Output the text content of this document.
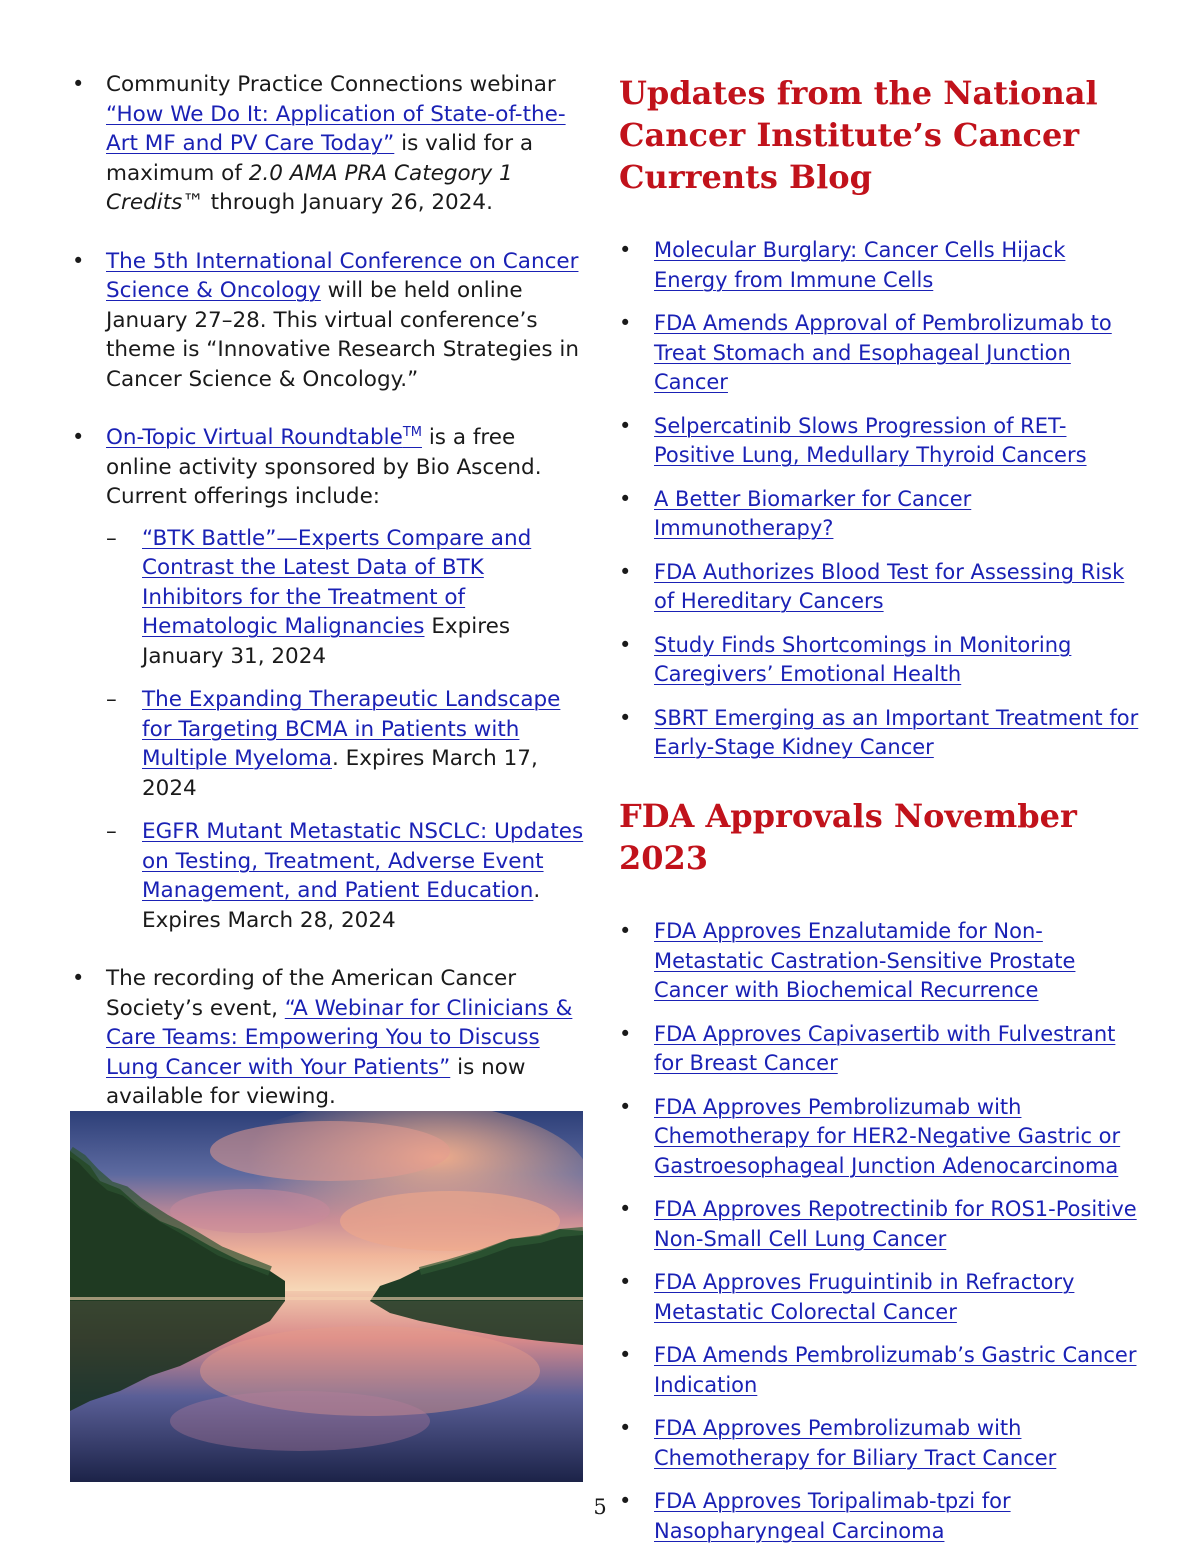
• Community Practice Connections webinar “How We Do It: Application of State-of-the-Art MF and PV Care Today” is valid for a maximum of 2.0 AMA PRA Category 1 Credits™ through January 26, 2024.
• The 5th International Conference on Cancer Science & Oncology will be held online January 27–28. This virtual conference’s theme is “Innovative Research Strategies in Cancer Science & Oncology.”
• On-Topic Virtual Roundtable™ is a free online activity sponsored by Bio Ascend. Current offerings include:
– “BTK Battle”—Experts Compare and Contrast the Latest Data of BTK Inhibitors for the Treatment of Hematologic Malignancies Expires January 31, 2024
– The Expanding Therapeutic Landscape for Targeting BCMA in Patients with Multiple Myeloma. Expires March 17, 2024
– EGFR Mutant Metastatic NSCLC: Updates on Testing, Treatment, Adverse Event Management, and Patient Education. Expires March 28, 2024
• The recording of the American Cancer Society’s event, “A Webinar for Clinicians & Care Teams: Empowering You to Discuss Lung Cancer with Your Patients” is now available for viewing.
Updates from the National Cancer Institute’s Cancer Currents Blog
• Molecular Burglary: Cancer Cells Hijack Energy from Immune Cells
• FDA Amends Approval of Pembrolizumab to Treat Stomach and Esophageal Junction Cancer
• Selpercatinib Slows Progression of RET-Positive Lung, Medullary Thyroid Cancers
• A Better Biomarker for Cancer Immunotherapy?
• FDA Authorizes Blood Test for Assessing Risk of Hereditary Cancers
• Study Finds Shortcomings in Monitoring Caregivers’ Emotional Health
• SBRT Emerging as an Important Treatment for Early-Stage Kidney Cancer
FDA Approvals November 2023
• FDA Approves Enzalutamide for Non-Metastatic Castration-Sensitive Prostate Cancer with Biochemical Recurrence
• FDA Approves Capivasertib with Fulvestrant for Breast Cancer
• FDA Approves Pembrolizumab with Chemotherapy for HER2-Negative Gastric or Gastroesophageal Junction Adenocarcinoma
• FDA Approves Repotrectinib for ROS1-Positive Non-Small Cell Lung Cancer
• FDA Approves Fruguintinib in Refractory Metastatic Colorectal Cancer
• FDA Amends Pembrolizumab’s Gastric Cancer Indication
• FDA Approves Pembrolizumab with Chemotherapy for Biliary Tract Cancer
• FDA Approves Toripalimab-tpzi for Nasopharyngeal Carcinoma
5
